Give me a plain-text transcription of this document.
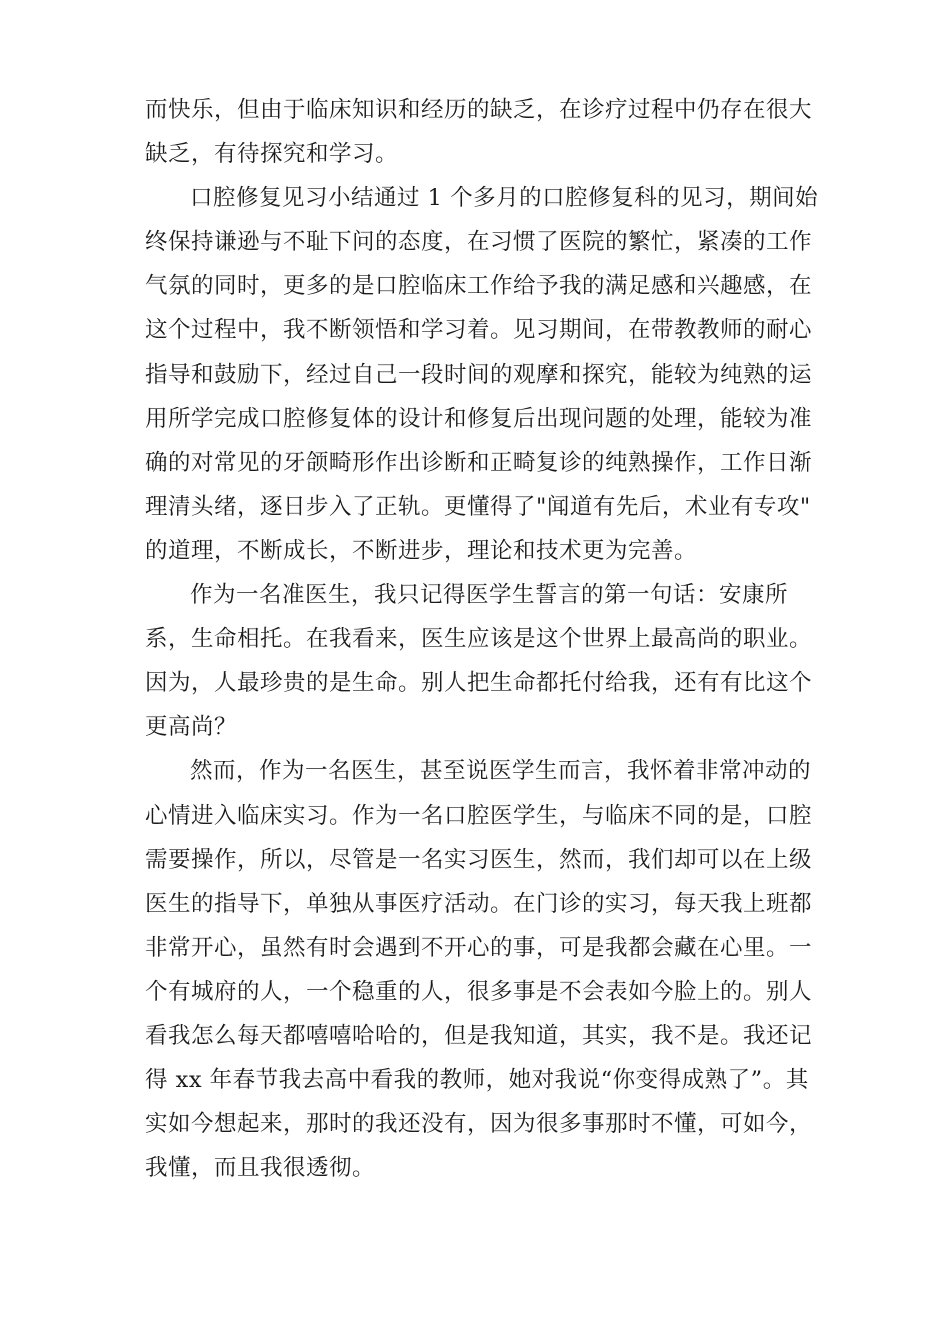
而快乐，但由于临床知识和经历的缺乏，在诊疗过程中仍存在很大
缺乏，有待探究和学习。
口腔修复见习小结通过 1 个多月的口腔修复科的见习，期间始
终保持谦逊与不耻下问的态度，在习惯了医院的繁忙，紧凑的工作
气氛的同时，更多的是口腔临床工作给予我的满足感和兴趣感，在
这个过程中，我不断领悟和学习着。见习期间，在带教教师的耐心
指导和鼓励下，经过自己一段时间的观摩和探究，能较为纯熟的运
用所学完成口腔修复体的设计和修复后出现问题的处理，能较为准
确的对常见的牙颌畸形作出诊断和正畸复诊的纯熟操作，工作日渐
理清头绪，逐日步入了正轨。更懂得了"闻道有先后，术业有专攻"
的道理，不断成长，不断进步，理论和技术更为完善。
作为一名准医生，我只记得医学生誓言的第一句话：安康所
系，生命相托。在我看来，医生应该是这个世界上最高尚的职业。
因为，人最珍贵的是生命。别人把生命都托付给我，还有有比这个
更高尚？
然而，作为一名医生，甚至说医学生而言，我怀着非常冲动的
心情进入临床实习。作为一名口腔医学生，与临床不同的是，口腔
需要操作，所以，尽管是一名实习医生，然而，我们却可以在上级
医生的指导下，单独从事医疗活动。在门诊的实习，每天我上班都
非常开心，虽然有时会遇到不开心的事，可是我都会藏在心里。一
个有城府的人，一个稳重的人，很多事是不会表如今脸上的。别人
看我怎么每天都嘻嘻哈哈的，但是我知道，其实，我不是。我还记
得 xx 年春节我去高中看我的教师，她对我说“你变得成熟了”。其
实如今想起来，那时的我还没有，因为很多事那时不懂，可如今，
我懂，而且我很透彻。
